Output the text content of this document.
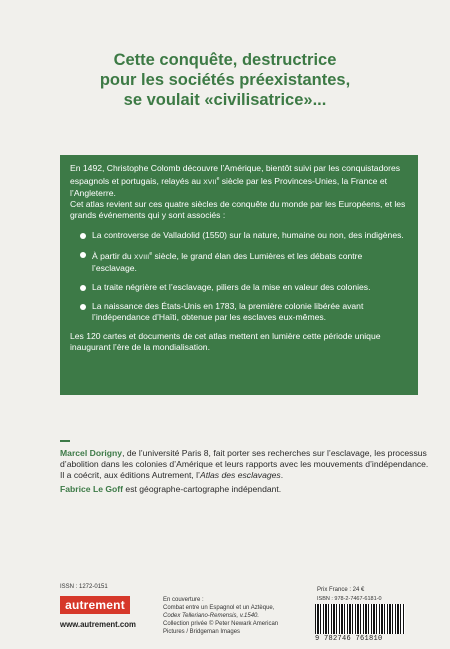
Cette conquête, destructrice
pour les sociétés préexistantes,
se voulait «civilisatrice»...

En 1492, Christophe Colomb découvre l’Amérique, bientôt suivi par les conquistadores espagnols et portugais, relayés au XVIIe siècle par les Provinces-Unies, la France et l’Angleterre.

Cet atlas revient sur ces quatre siècles de conquête du monde par les Européens, et les grands événements qui y sont associés :

La controverse de Valladolid (1550) sur la nature, humaine ou non, des indigènes.
À partir du XVIIIe siècle, le grand élan des Lumières et les débats contre l’esclavage.
La traite négrière et l’esclavage, piliers de la mise en valeur des colonies.
La naissance des États-Unis en 1783, la première colonie libérée avant l’indépendance d’Haïti, obtenue par les esclaves eux-mêmes.

Les 120 cartes et documents de cet atlas mettent en lumière cette période unique inaugurant l’ère de la mondialisation.

Marcel Dorigny, de l’université Paris 8, fait porter ses recherches sur l’esclavage, les processus d’abolition dans les colonies d’Amérique et leurs rapports avec les mouvements d’indépendance. Il a coécrit, aux éditions Autrement, l’Atlas des esclavages.

Fabrice Le Goff est géographe-cartographe indépendant.

ISSN : 1272-0151
autrement
www.autrement.com
En couverture :
Combat entre un Espagnol et un Aztèque,
Codex Telleriano-Remensis, v.1540.
Collection privée © Peter Newark American
Pictures / Bridgeman Images
Prix France : 24 €
ISBN : 978-2-7467-6181-0
9 782746 761810
